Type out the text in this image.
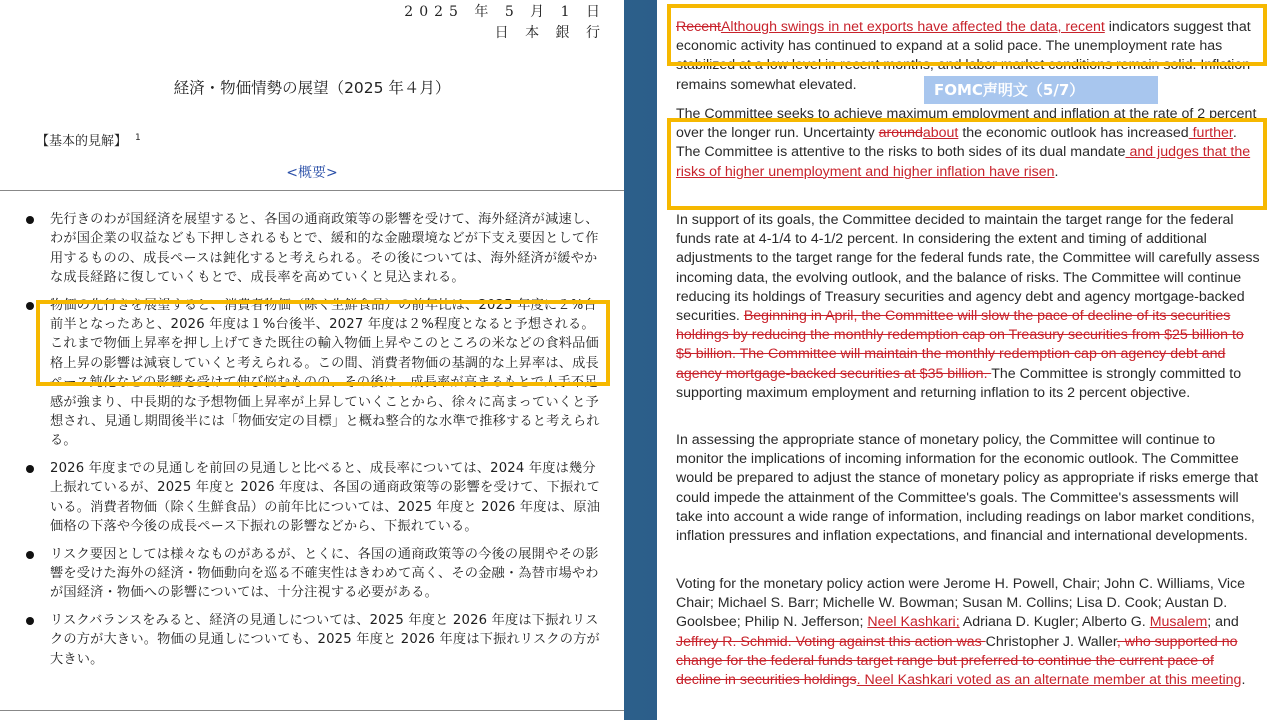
2025 年 5 月 1 日
日 本 銀 行
経済・物価情勢の展望（2025 年４月）
【基本的見解】 $^1$
<概要>
先行きのわが国経済を展望すると、各国の通商政策等の影響を受けて、海外経済が減速し、わが国企業の収益なども下押しされるもとで、緩和的な金融環境などが下支え要因として作用するものの、成長ペースは鈍化すると考えられる。その後については、海外経済が緩やかな成長経路に復していくもとで、成長率を高めていくと見込まれる。
物価の先行きを展望すると、消費者物価（除く生鮮食品）の前年比は、2025 年度に２%台前半となったあと、2026 年度は１%台後半、2027 年度は２%程度となると予想される。これまで物価上昇率を押し上げてきた既往の輸入物価上昇やこのところの米などの食料品価格上昇の影響は減衰していくと考えられる。この間、消費者物価の基調的な上昇率は、成長ペース鈍化などの影響を受けて伸び悩むものの、その後は、成長率が高まるもとで人手不足感が強まり、中長期的な予想物価上昇率が上昇していくことから、徐々に高まっていくと予想され、見通し期間後半には「物価安定の目標」と概ね整合的な水準で推移すると考えられる。
2026 年度までの見通しを前回の見通しと比べると、成長率については、2024 年度は幾分上振れているが、2025 年度と 2026 年度は、各国の通商政策等の影響を受けて、下振れている。消費者物価（除く生鮮食品）の前年比については、2025 年度と 2026 年度は、原油価格の下落や今後の成長ペース下振れの影響などから、下振れている。
リスク要因としては様々なものがあるが、とくに、各国の通商政策等の今後の展開やその影響を受けた海外の経済・物価動向を巡る不確実性はきわめて高く、その金融・為替市場やわが国経済・物価への影響については、十分注視する必要がある。
リスクバランスをみると、経済の見通しについては、2025 年度と 2026 年度は下振れリスクの方が大きい。物価の見通しについても、2025 年度と 2026 年度は下振れリスクの方が大きい。
RecentAlthough swings in net exports have affected the data, recent indicators suggest that economic activity has continued to expand at a solid pace. The unemployment rate has stabilized at a low level in recent months, and labor market conditions remain solid. Inflation remains somewhat elevated.
The Committee seeks to achieve maximum employment and inflation at the rate of 2 percent over the longer run. Uncertainty aroundabout the economic outlook has increased further. The Committee is attentive to the risks to both sides of its dual mandate and judges that the risks of higher unemployment and higher inflation have risen.
In support of its goals, the Committee decided to maintain the target range for the federal funds rate at 4-1/4 to 4-1/2 percent. In considering the extent and timing of additional adjustments to the target range for the federal funds rate, the Committee will carefully assess incoming data, the evolving outlook, and the balance of risks. The Committee will continue reducing its holdings of Treasury securities and agency debt and agency mortgage-backed securities. Beginning in April, the Committee will slow the pace of decline of its securities holdings by reducing the monthly redemption cap on Treasury securities from $25 billion to $5 billion. The Committee will maintain the monthly redemption cap on agency debt and agency mortgage-backed securities at $35 billion. The Committee is strongly committed to supporting maximum employment and returning inflation to its 2 percent objective.
In assessing the appropriate stance of monetary policy, the Committee will continue to monitor the implications of incoming information for the economic outlook. The Committee would be prepared to adjust the stance of monetary policy as appropriate if risks emerge that could impede the attainment of the Committee's goals. The Committee's assessments will take into account a wide range of information, including readings on labor market conditions, inflation pressures and inflation expectations, and financial and international developments.
Voting for the monetary policy action were Jerome H. Powell, Chair; John C. Williams, Vice Chair; Michael S. Barr; Michelle W. Bowman; Susan M. Collins; Lisa D. Cook; Austan D. Goolsbee; Philip N. Jefferson; Neel Kashkari; Adriana D. Kugler; Alberto G. Musalem; and Jeffrey R. Schmid. Voting against this action was Christopher J. Waller, who supported no change for the federal funds target range but preferred to continue the current pace of decline in securities holdings. Neel Kashkari voted as an alternate member at this meeting.
FOMC声明文（5/7）
